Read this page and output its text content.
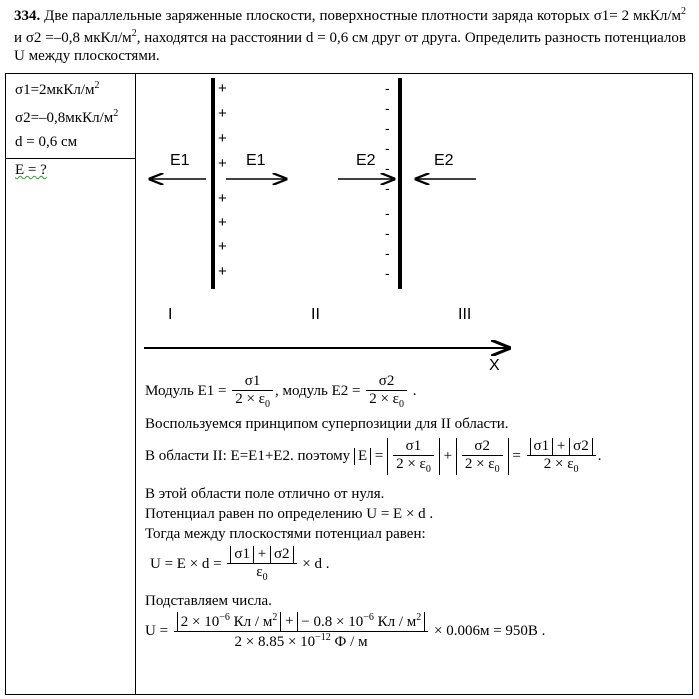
334. Две параллельные заряженные плоскости, поверхностные плотности заряда которых σ1= 2 мкКл/$м^2$ и σ2 =–0,8 мкКл/$м^2$, находятся на расстоянии d = 0,6 см друг от друга. Определить разность потенциалов U между плоскостями.
$\sigma 1=2мкКл/м^2$
$\sigma 2=-0,8мкКл/м^2$
d = 0,6 см
E = ?
E1	E1	E2	E2
+
+
+
+
+
+
+
+
-
-
-
-
-
-
-
-
-
-
I	II	III
X
Модуль $E1 = \frac{\sigma 1}{2 \times \varepsilon_0}$ , модуль $E2 = \frac{\sigma 2}{2 \times \varepsilon_0}$ .
Воспользуемся принципом суперпозиции для II области.
В области II: E=E1+E2. поэтому $E = \frac{\sigma 1}{2 \times \varepsilon_0} + \frac{\sigma 2}{2 \times \varepsilon_0} = \frac{\sigma 1 + \sigma 2}{2 \times \varepsilon_0}$ .
В этой области поле отлично от нуля.
Потенциал равен по определению U = E × d .
Тогда между плоскостями потенциал равен:
$U = E \times d = \frac{\sigma 1 + \sigma 2}{\varepsilon_0} \times d$ .
Подставляем числа.
$U = \frac{2 \times 10^{-6} Кл / м^2 + - 0.8 \times 10^{-6} Кл / м^2}{2 \times 8.85 \times 10^{-12} Ф / м} \times 0.006м = 950В$ .
